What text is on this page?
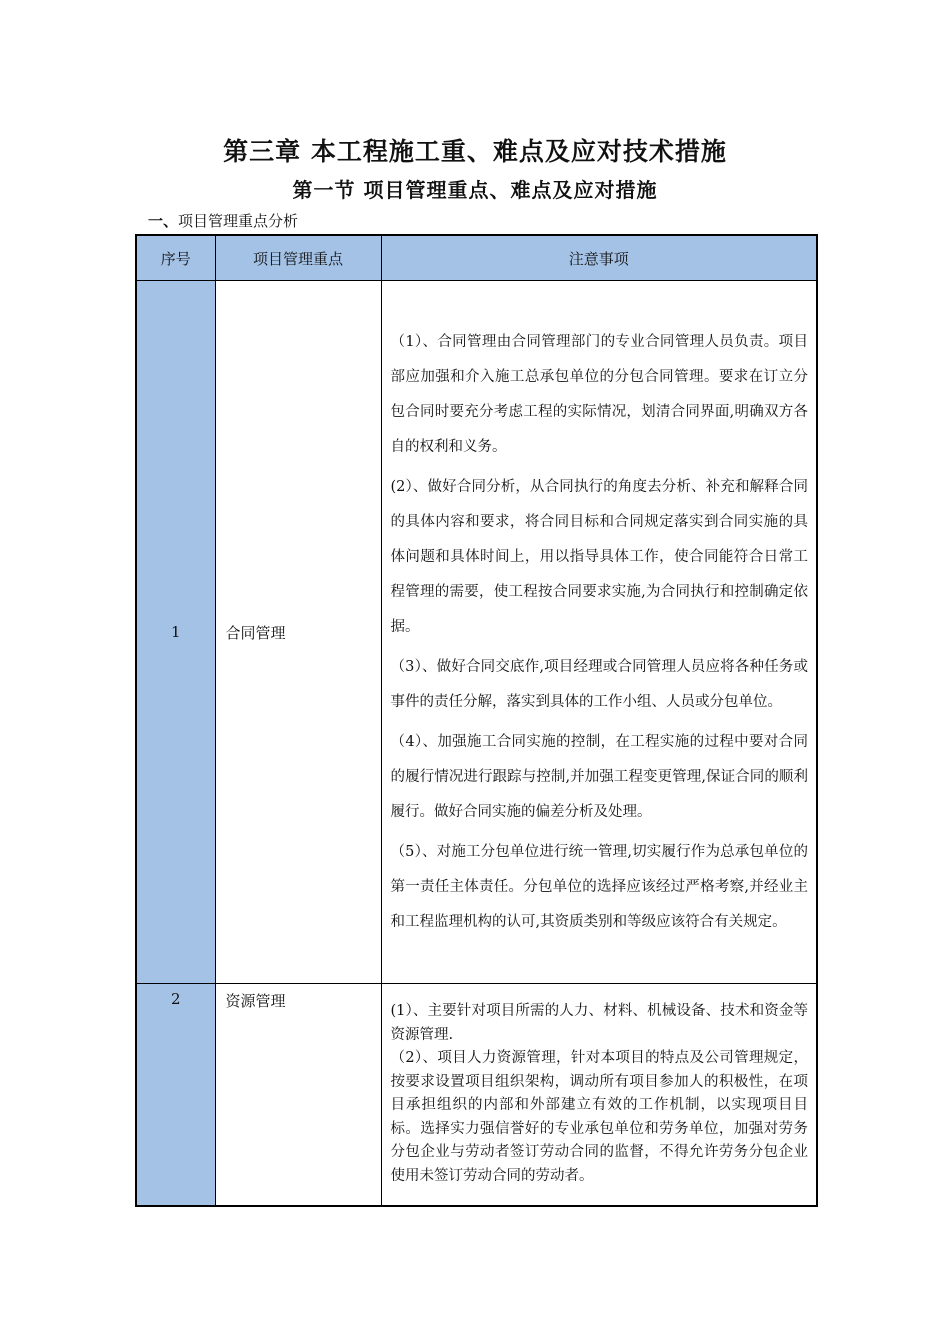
第三章 本工程施工重、难点及应对技术措施
第一节 项目管理重点、难点及应对措施
一、项目管理重点分析
序号	项目管理重点	注意事项
1	合同管理	（1）、合同管理由合同管理部门的专业合同管理人员负责。项目部应加强和介入施工总承包单位的分包合同管理。要求在订立分包合同时要充分考虑工程的实际情况，划清合同界面,明确双方各自的权利和义务。

(2）、做好合同分析，从合同执行的角度去分析、补充和解释合同的具体内容和要求，将合同目标和合同规定落实到合同实施的具体问题和具体时间上，用以指导具体工作，使合同能符合日常工程管理的需要，使工程按合同要求实施,为合同执行和控制确定依据。

（3）、做好合同交底作,项目经理或合同管理人员应将各种任务或事件的责任分解，落实到具体的工作小组、人员或分包单位。

（4）、加强施工合同实施的控制，在工程实施的过程中要对合同的履行情况进行跟踪与控制,并加强工程变更管理,保证合同的顺利履行。做好合同实施的偏差分析及处理。

（5）、对施工分包单位进行统一管理,切实履行作为总承包单位的第一责任主体责任。分包单位的选择应该经过严格考察,并经业主和工程监理机构的认可,其资质类别和等级应该符合有关规定。

2	资源管理	(1）、主要针对项目所需的人力、材料、机械设备、技术和资金等资源管理.

（2）、项目人力资源管理，针对本项目的特点及公司管理规定，按要求设置项目组织架构，调动所有项目参加人的积极性，在项目承担组织的内部和外部建立有效的工作机制，以实现项目目标。选择实力强信誉好的专业承包单位和劳务单位，加强对劳务分包企业与劳动者签订劳动合同的监督，不得允许劳务分包企业使用未签订劳动合同的劳动者。
